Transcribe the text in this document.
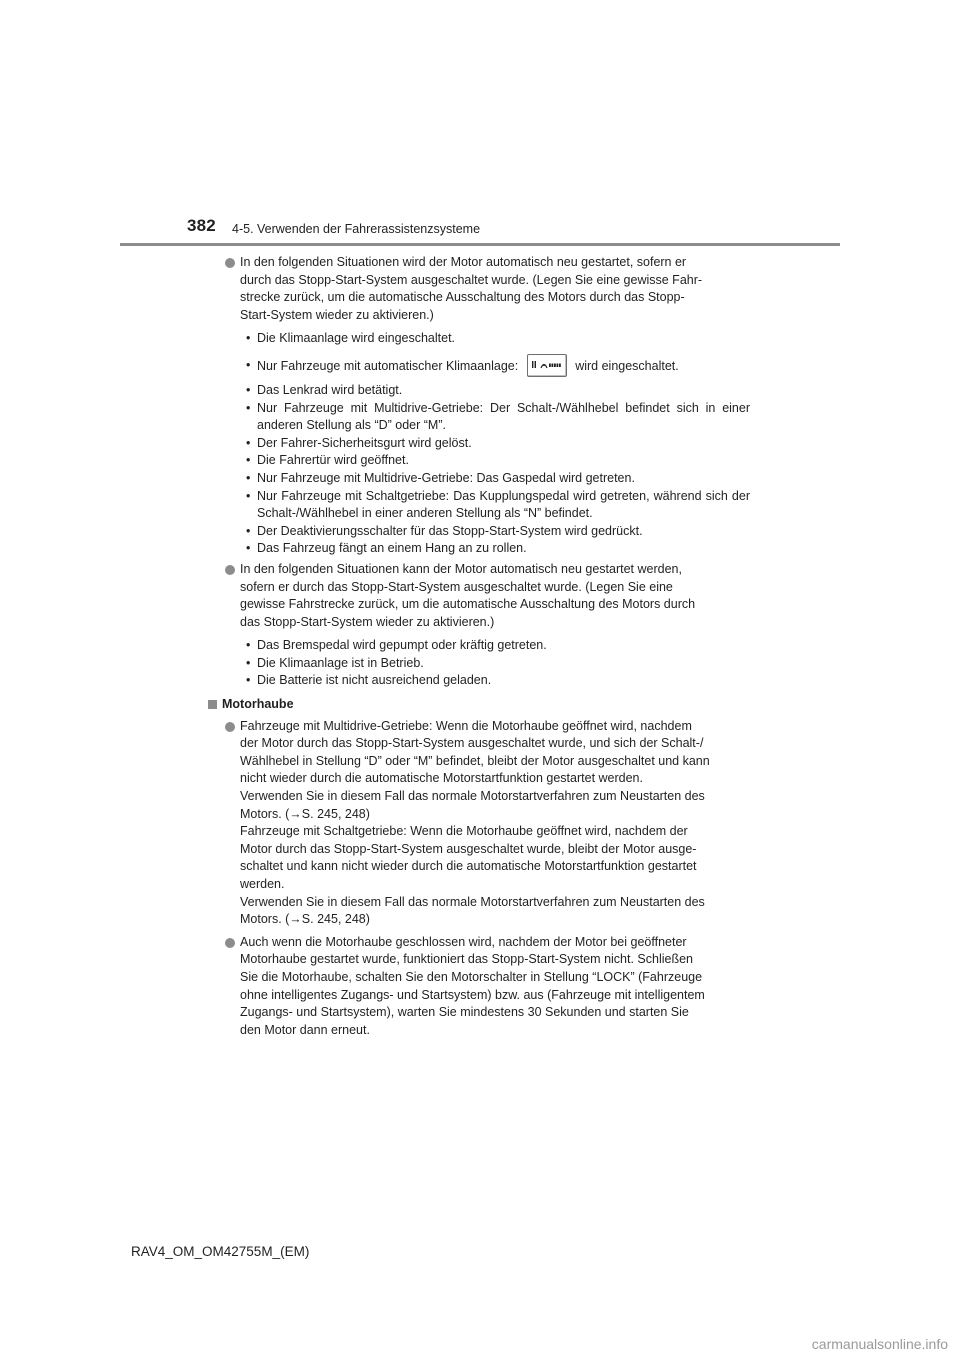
382 4-5. Verwenden der Fahrerassistenzsysteme
In den folgenden Situationen wird der Motor automatisch neu gestartet, sofern er
durch das Stopp-Start-System ausgeschaltet wurde. (Legen Sie eine gewisse Fahr-
strecke zurück, um die automatische Ausschaltung des Motors durch das Stopp-
Start-System wieder zu aktivieren.)
• Die Klimaanlage wird eingeschaltet.
• Nur Fahrzeuge mit automatischer Klimaanlage:	wird eingeschaltet.
• Das Lenkrad wird betätigt.
• Nur Fahrzeuge mit Multidrive-Getriebe: Der Schalt-/Wählhebel befindet sich in einer anderen Stellung als “D” oder “M”.
• Der Fahrer-Sicherheitsgurt wird gelöst.
• Die Fahrertür wird geöffnet.
• Nur Fahrzeuge mit Multidrive-Getriebe: Das Gaspedal wird getreten.
• Nur Fahrzeuge mit Schaltgetriebe: Das Kupplungspedal wird getreten, während sich der Schalt-/Wählhebel in einer anderen Stellung als “N” befindet.
• Der Deaktivierungsschalter für das Stopp-Start-System wird gedrückt.
• Das Fahrzeug fängt an einem Hang an zu rollen.
In den folgenden Situationen kann der Motor automatisch neu gestartet werden,
sofern er durch das Stopp-Start-System ausgeschaltet wurde. (Legen Sie eine
gewisse Fahrstrecke zurück, um die automatische Ausschaltung des Motors durch
das Stopp-Start-System wieder zu aktivieren.)
• Das Bremspedal wird gepumpt oder kräftig getreten.
• Die Klimaanlage ist in Betrieb.
• Die Batterie ist nicht ausreichend geladen.
Motorhaube
Fahrzeuge mit Multidrive-Getriebe: Wenn die Motorhaube geöffnet wird, nachdem
der Motor durch das Stopp-Start-System ausgeschaltet wurde, und sich der Schalt-/
Wählhebel in Stellung “D” oder “M” befindet, bleibt der Motor ausgeschaltet und kann
nicht wieder durch die automatische Motorstartfunktion gestartet werden.
Verwenden Sie in diesem Fall das normale Motorstartverfahren zum Neustarten des
Motors. (→S. 245, 248)
Fahrzeuge mit Schaltgetriebe: Wenn die Motorhaube geöffnet wird, nachdem der
Motor durch das Stopp-Start-System ausgeschaltet wurde, bleibt der Motor ausge-
schaltet und kann nicht wieder durch die automatische Motorstartfunktion gestartet
werden.
Verwenden Sie in diesem Fall das normale Motorstartverfahren zum Neustarten des
Motors. (→S. 245, 248)
Auch wenn die Motorhaube geschlossen wird, nachdem der Motor bei geöffneter
Motorhaube gestartet wurde, funktioniert das Stopp-Start-System nicht. Schließen
Sie die Motorhaube, schalten Sie den Motorschalter in Stellung “LOCK” (Fahrzeuge
ohne intelligentes Zugangs- und Startsystem) bzw. aus (Fahrzeuge mit intelligentem
Zugangs- und Startsystem), warten Sie mindestens 30 Sekunden und starten Sie
den Motor dann erneut.
RAV4_OM_OM42755M_(EM)
carmanualsonline.info
